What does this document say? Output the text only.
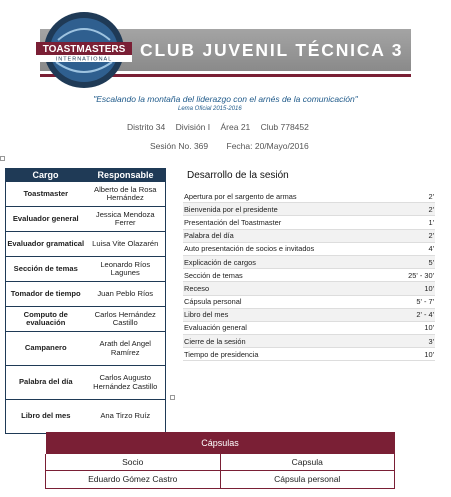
TOASTMASTERS
INTERNATIONAL CLUB JUVENIL TÉCNICA 3
"Escalando la montaña del liderazgo con el arnés de la comunicación"
Lema Oficial 2015-2016
Distrito 34 División I Área 21 Club 778452
Sesión No. 369 Fecha: 20/Mayo/2016
Cargo	Responsable
Toastmaster	Alberto de la Rosa Hernández
Evaluador general	Jessica Mendoza Ferrer
Evaluador gramatical	Luisa Vite Olazarén
Sección de temas	Leonardo Ríos Lagunes
Tomador de tiempo	Juan Peblo Ríos
Computo de evaluación	Carlos Hernández Castillo
Campanero	Arath del Angel Ramírez
Palabra del día	Carlos Augusto Hernández Castillo
Libro del mes	Ana Tirzo Ruíz
Desarrollo de la sesión
Apertura por el sargento de armas	2'
Bienvenida por el presidente	2'
Presentación del Toastmaster	1'
Palabra del día	2'
Auto presentación de socios e invitados	4'
Explicación de cargos	5'
Sección de temas	25' - 30'
Receso	10'
Cápsula personal	5' - 7'
Libro del mes	2' - 4'
Evaluación general	10'
Cierre de la sesión	3'
Tiempo de presidencia	10'
Cápsulas	
Socio	Capsula
Eduardo Gómez Castro	Cápsula personal
